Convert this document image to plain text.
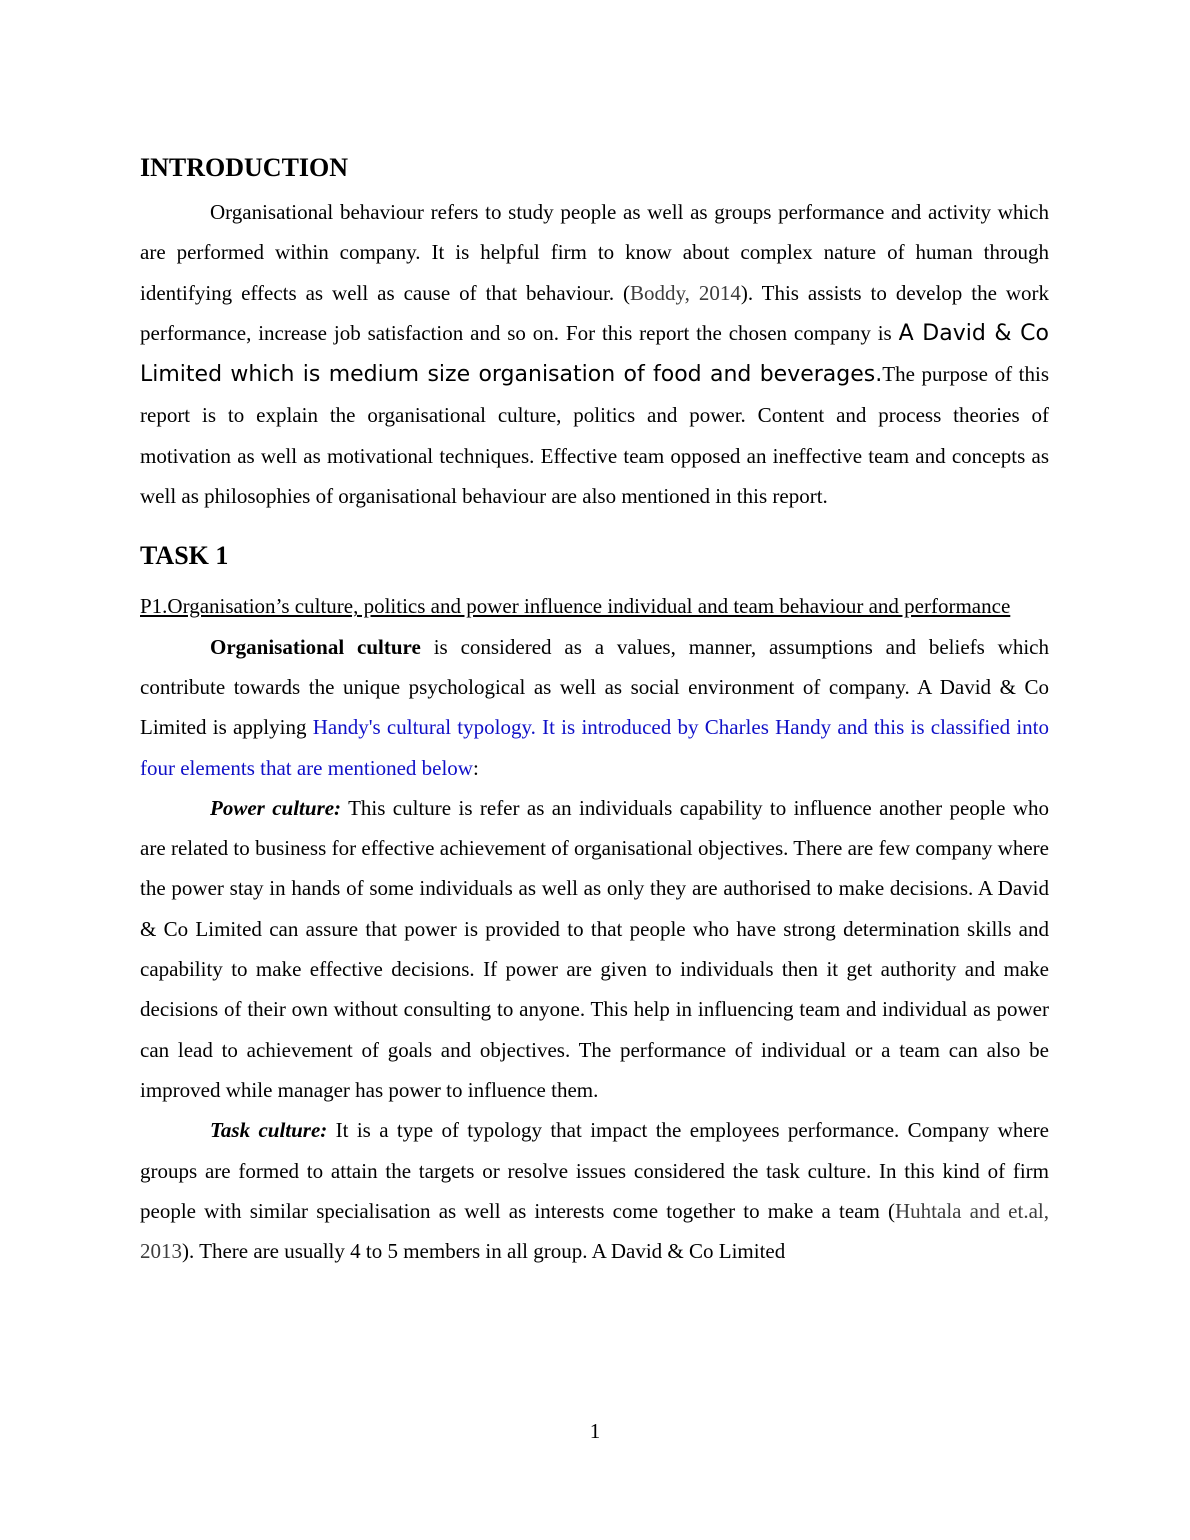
INTRODUCTION

Organisational behaviour refers to study people as well as groups performance and activity which are performed within company. It is helpful firm to know about complex nature of human through identifying effects as well as cause of that behaviour. (Boddy, 2014). This assists to develop the work performance, increase job satisfaction and so on. For this report the chosen company is A David & Co Limited which is medium size organisation of food and beverages.The purpose of this report is to explain the organisational culture, politics and power. Content and process theories of motivation as well as motivational techniques. Effective team opposed an ineffective team and concepts as well as philosophies of organisational behaviour are also mentioned in this report.

TASK 1

P1.Organisation’s culture, politics and power influence individual and team behaviour and performance

Organisational culture is considered as a values, manner, assumptions and beliefs which contribute towards the unique psychological as well as social environment of company. A David & Co Limited is applying Handy's cultural typology. It is introduced by Charles Handy and this is classified into four elements that are mentioned below:

Power culture: This culture is refer as an individuals capability to influence another people who are related to business for effective achievement of organisational objectives. There are few company where the power stay in hands of some individuals as well as only they are authorised to make decisions. A David & Co Limited can assure that power is provided to that people who have strong determination skills and capability to make effective decisions. If power are given to individuals then it get authority and make decisions of their own without consulting to anyone. This help in influencing team and individual as power can lead to achievement of goals and objectives. The performance of individual or a team can also be improved while manager has power to influence them.

Task culture: It is a type of typology that impact the employees performance. Company where groups are formed to attain the targets or resolve issues considered the task culture. In this kind of firm people with similar specialisation as well as interests come together to make a team (Huhtala and et.al, 2013). There are usually 4 to 5 members in all group. A David & Co Limited

1
